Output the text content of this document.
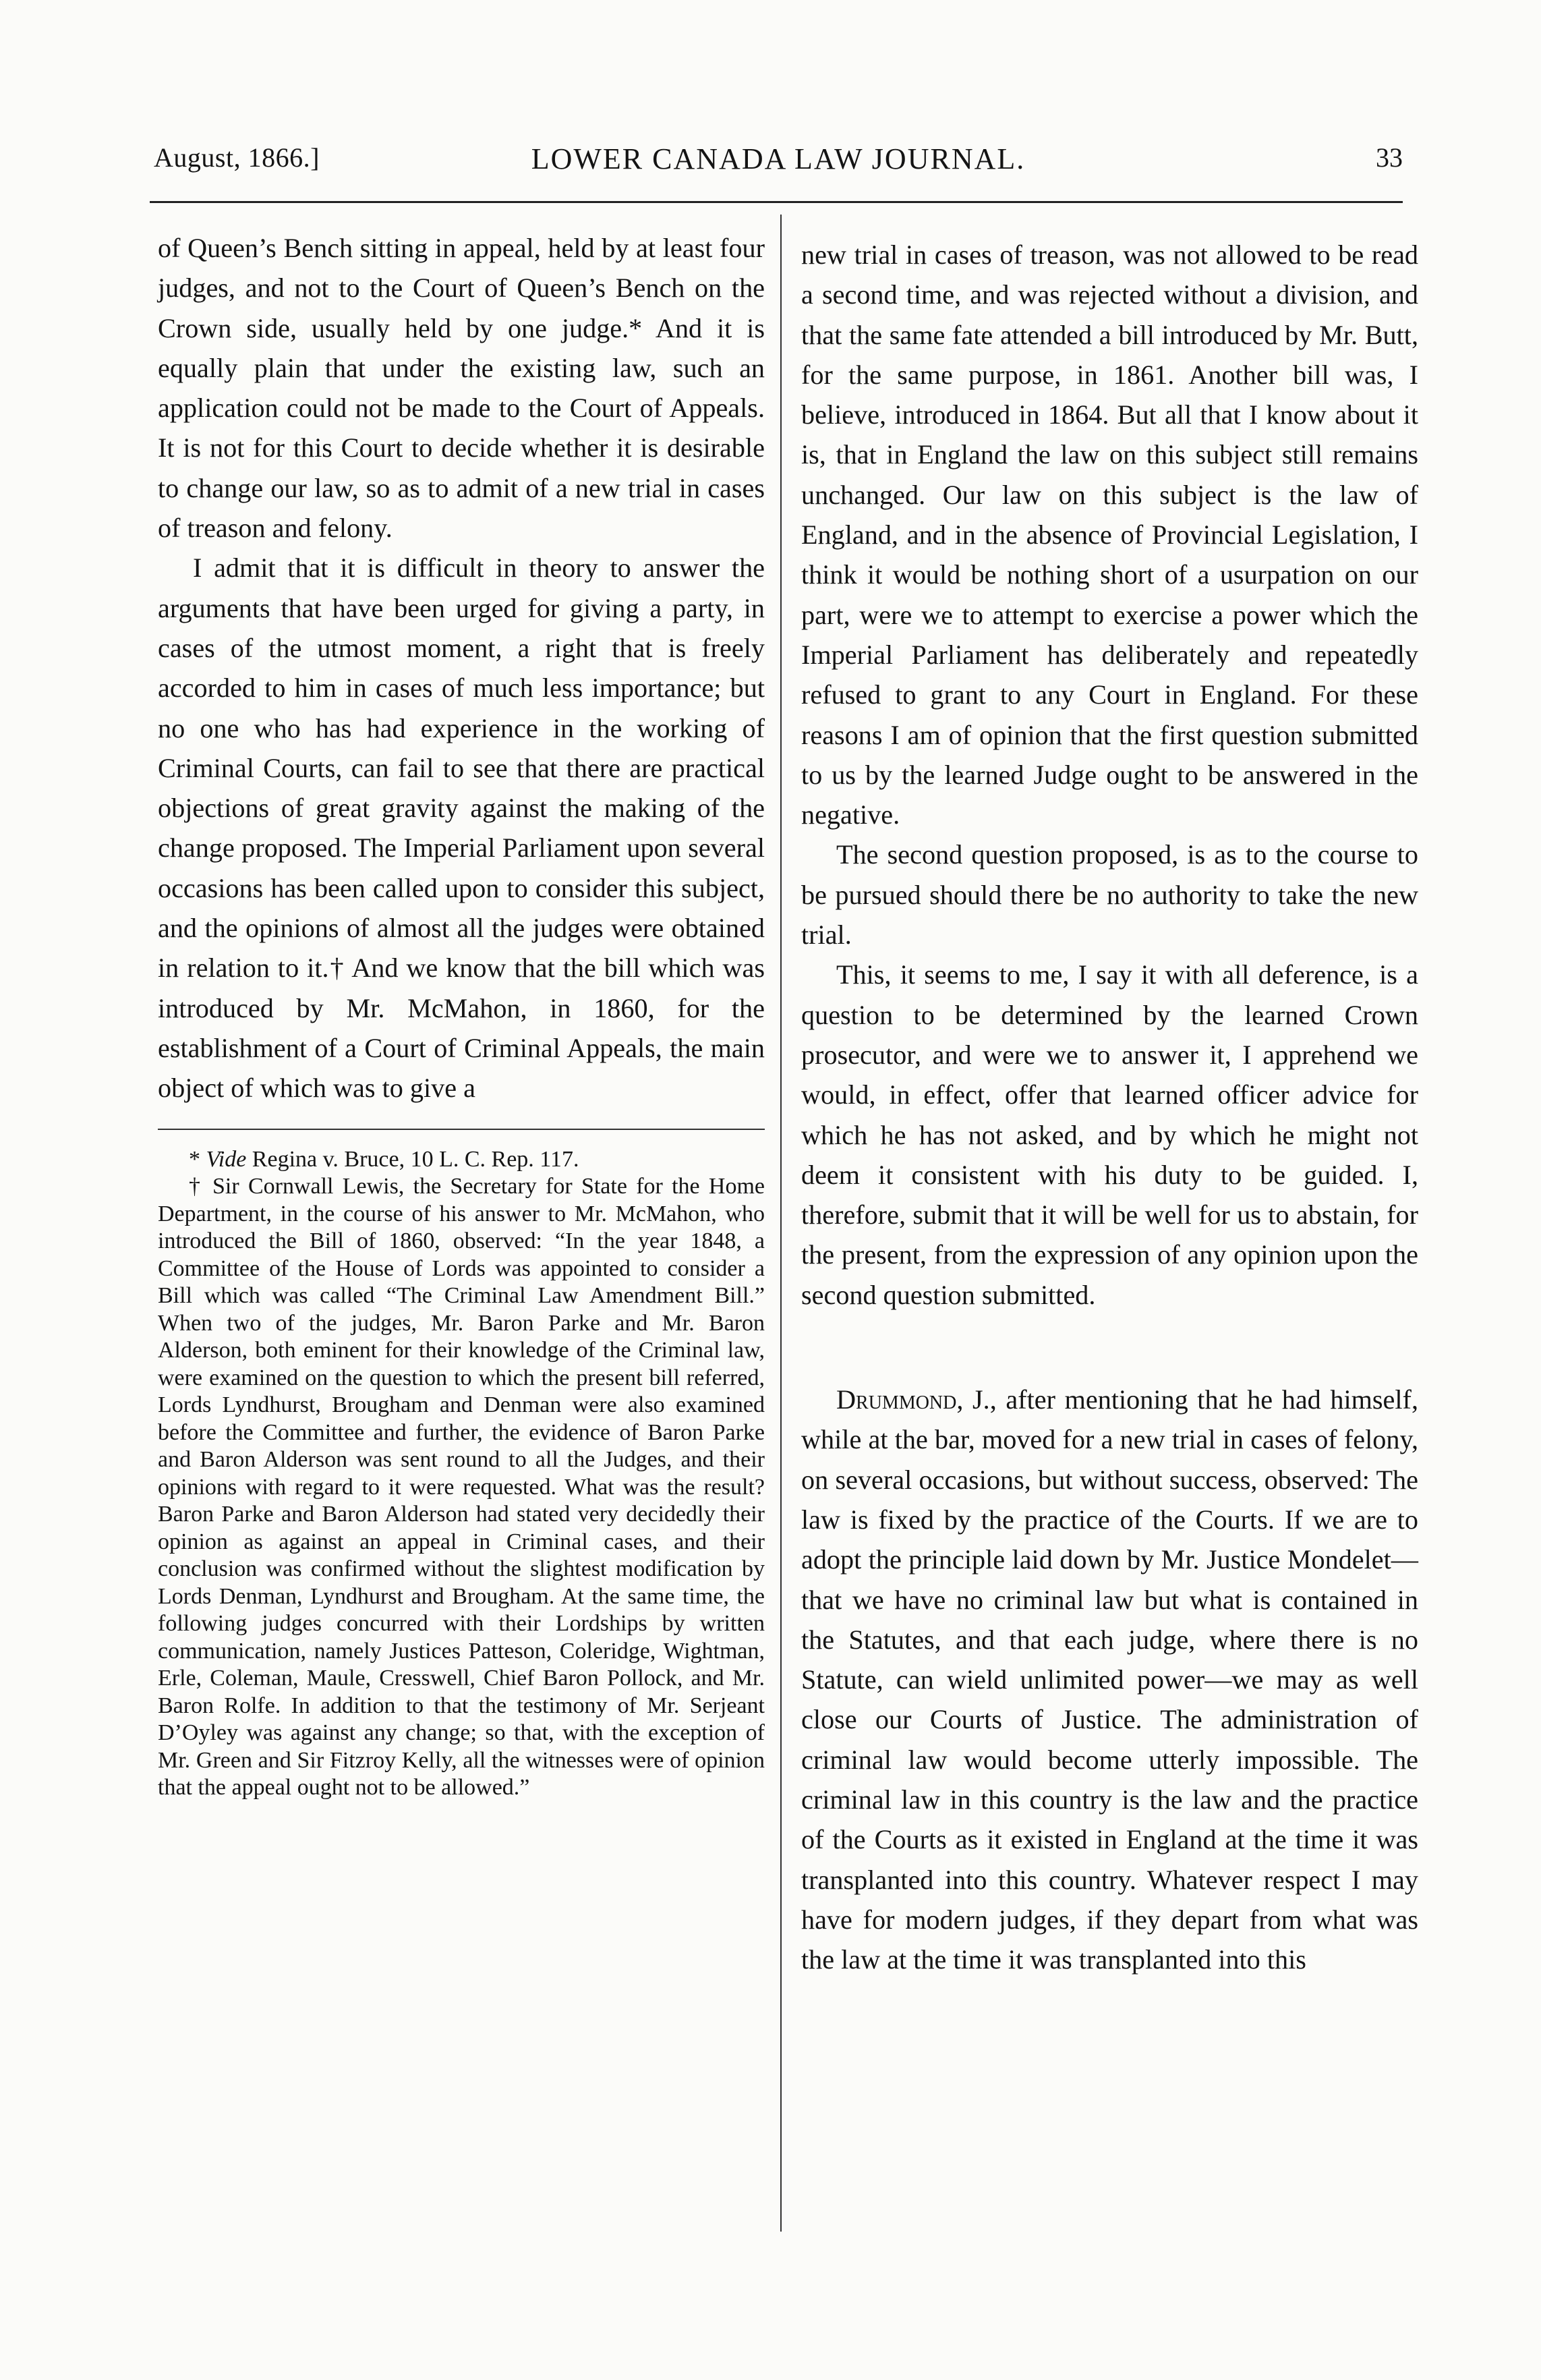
August, 1866.]	LOWER CANADA LAW JOURNAL.	33

of Queen’s Bench sitting in appeal, held by at least four judges, and not to the Court of Queen’s Bench on the Crown side, usually held by one judge.* And it is equally plain that under the existing law, such an application could not be made to the Court of Appeals. It is not for this Court to decide whether it is desirable to change our law, so as to admit of a new trial in cases of treason and felony.

I admit that it is difficult in theory to answer the arguments that have been urged for giving a party, in cases of the utmost moment, a right that is freely accorded to him in cases of much less importance; but no one who has had experience in the working of Criminal Courts, can fail to see that there are practical objections of great gravity against the making of the change proposed. The Imperial Parliament upon several occasions has been called upon to consider this subject, and the opinions of almost all the judges were obtained in relation to it.† And we know that the bill which was introduced by Mr. McMahon, in 1860, for the establishment of a Court of Criminal Appeals, the main object of which was to give a

* Vide Regina v. Bruce, 10 L. C. Rep. 117.

† Sir Cornwall Lewis, the Secretary for State for the Home Department, in the course of his answer to Mr. McMahon, who introduced the Bill of 1860, observed: “In the year 1848, a Committee of the House of Lords was appointed to consider a Bill which was called “The Criminal Law Amendment Bill.” When two of the judges, Mr. Baron Parke and Mr. Baron Alderson, both eminent for their knowledge of the Criminal law, were examined on the question to which the present bill referred, Lords Lyndhurst, Brougham and Denman were also examined before the Committee and further, the evidence of Baron Parke and Baron Alderson was sent round to all the Judges, and their opinions with regard to it were requested. What was the result? Baron Parke and Baron Alderson had stated very decidedly their opinion as against an appeal in Criminal cases, and their conclusion was confirmed without the slightest modification by Lords Denman, Lyndhurst and Brougham. At the same time, the following judges concurred with their Lordships by written communication, namely Justices Patteson, Coleridge, Wightman, Erle, Coleman, Maule, Cresswell, Chief Baron Pollock, and Mr. Baron Rolfe. In addition to that the testimony of Mr. Serjeant D’Oyley was against any change; so that, with the exception of Mr. Green and Sir Fitzroy Kelly, all the witnesses were of opinion that the appeal ought not to be allowed.”

new trial in cases of treason, was not allowed to be read a second time, and was rejected without a division, and that the same fate attended a bill introduced by Mr. Butt, for the same purpose, in 1861. Another bill was, I believe, introduced in 1864. But all that I know about it is, that in England the law on this subject still remains unchanged. Our law on this subject is the law of England, and in the absence of Provincial Legislation, I think it would be nothing short of a usurpation on our part, were we to attempt to exercise a power which the Imperial Parliament has deliberately and repeatedly refused to grant to any Court in England. For these reasons I am of opinion that the first question submitted to us by the learned Judge ought to be answered in the negative.

The second question proposed, is as to the course to be pursued should there be no authority to take the new trial.

This, it seems to me, I say it with all deference, is a question to be determined by the learned Crown prosecutor, and were we to answer it, I apprehend we would, in effect, offer that learned officer advice for which he has not asked, and by which he might not deem it consistent with his duty to be guided. I, therefore, submit that it will be well for us to abstain, for the present, from the expression of any opinion upon the second question submitted.

Drummond, J., after mentioning that he had himself, while at the bar, moved for a new trial in cases of felony, on several occasions, but without success, observed: The law is fixed by the practice of the Courts. If we are to adopt the principle laid down by Mr. Justice Mondelet—that we have no criminal law but what is contained in the Statutes, and that each judge, where there is no Statute, can wield unlimited power—we may as well close our Courts of Justice. The administration of criminal law would become utterly impossible. The criminal law in this country is the law and the practice of the Courts as it existed in England at the time it was transplanted into this country. Whatever respect I may have for modern judges, if they depart from what was the law at the time it was transplanted into this
